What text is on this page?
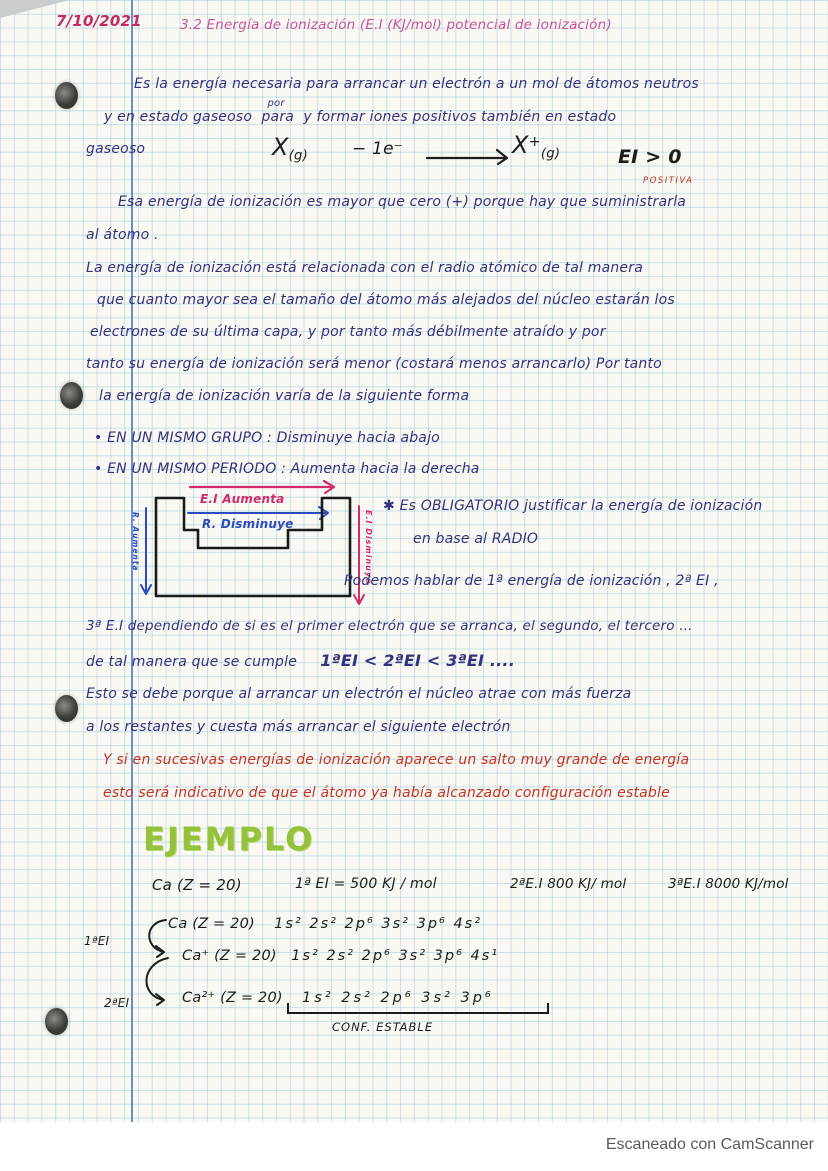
7/10/2021	3.2 Energía de ionización (E.I (KJ/mol) potencial de ionización)
Es la energía necesaria para arrancar un electrón a un mol de átomos neutros
y en estado gaseoso para
por
y formar iones positivos también en estado
gaseoso	$X_{(g)}$	− 1e⁻	$X^+_{(g)}$	EI > 0
POSITIVA
Esa energía de ionización es mayor que cero (+) porque hay que suministrarla
al átomo .
La energía de ionización está relacionada con el radio atómico de tal manera
que cuanto mayor sea el tamaño del átomo más alejados del núcleo estarán los
electrones de su última capa, y por tanto más débilmente atraído y por
tanto su energía de ionización será menor (costará menos arrancarlo) Por tanto
la energía de ionización varía de la siguiente forma
• EN UN MISMO GRUPO : Disminuye hacia abajo
• EN UN MISMO PERIODO : Aumenta hacia la derecha
E.I Aumenta
R. Disminuye
R. Aumenta	E.I Disminuye
✱ Es OBLIGATORIO justificar la energía de ionización
en base al RADIO
Podemos hablar de 1ª energía de ionización , 2ª EI ,
3ª E.I dependiendo de si es el primer electrón que se arranca, el segundo, el tercero ...
de tal manera que se cumple 1ªEI < 2ªEI < 3ªEI ....
Esto se debe porque al arrancar un electrón el núcleo atrae con más fuerza
a los restantes y cuesta más arrancar el siguiente electrón
Y si en sucesivas energías de ionización aparece un salto muy grande de energía
esto será indicativo de que el átomo ya había alcanzado configuración estable
EJEMPLO
Ca (Z = 20)	1ª EI = 500 KJ / mol	2ªE.I 800 KJ/ mol	3ªE.I 8000 KJ/mol
1ªEI
2ªEI
Ca (Z = 20) 1s² 2s² 2p⁶ 3s² 3p⁶ 4s²
Ca⁺ (Z = 20) 1s² 2s² 2p⁶ 3s² 3p⁶ 4s¹
Ca²⁺ (Z = 20) 1s² 2s² 2p⁶ 3s² 3p⁶
CONF. ESTABLE
Escaneado con CamScanner
